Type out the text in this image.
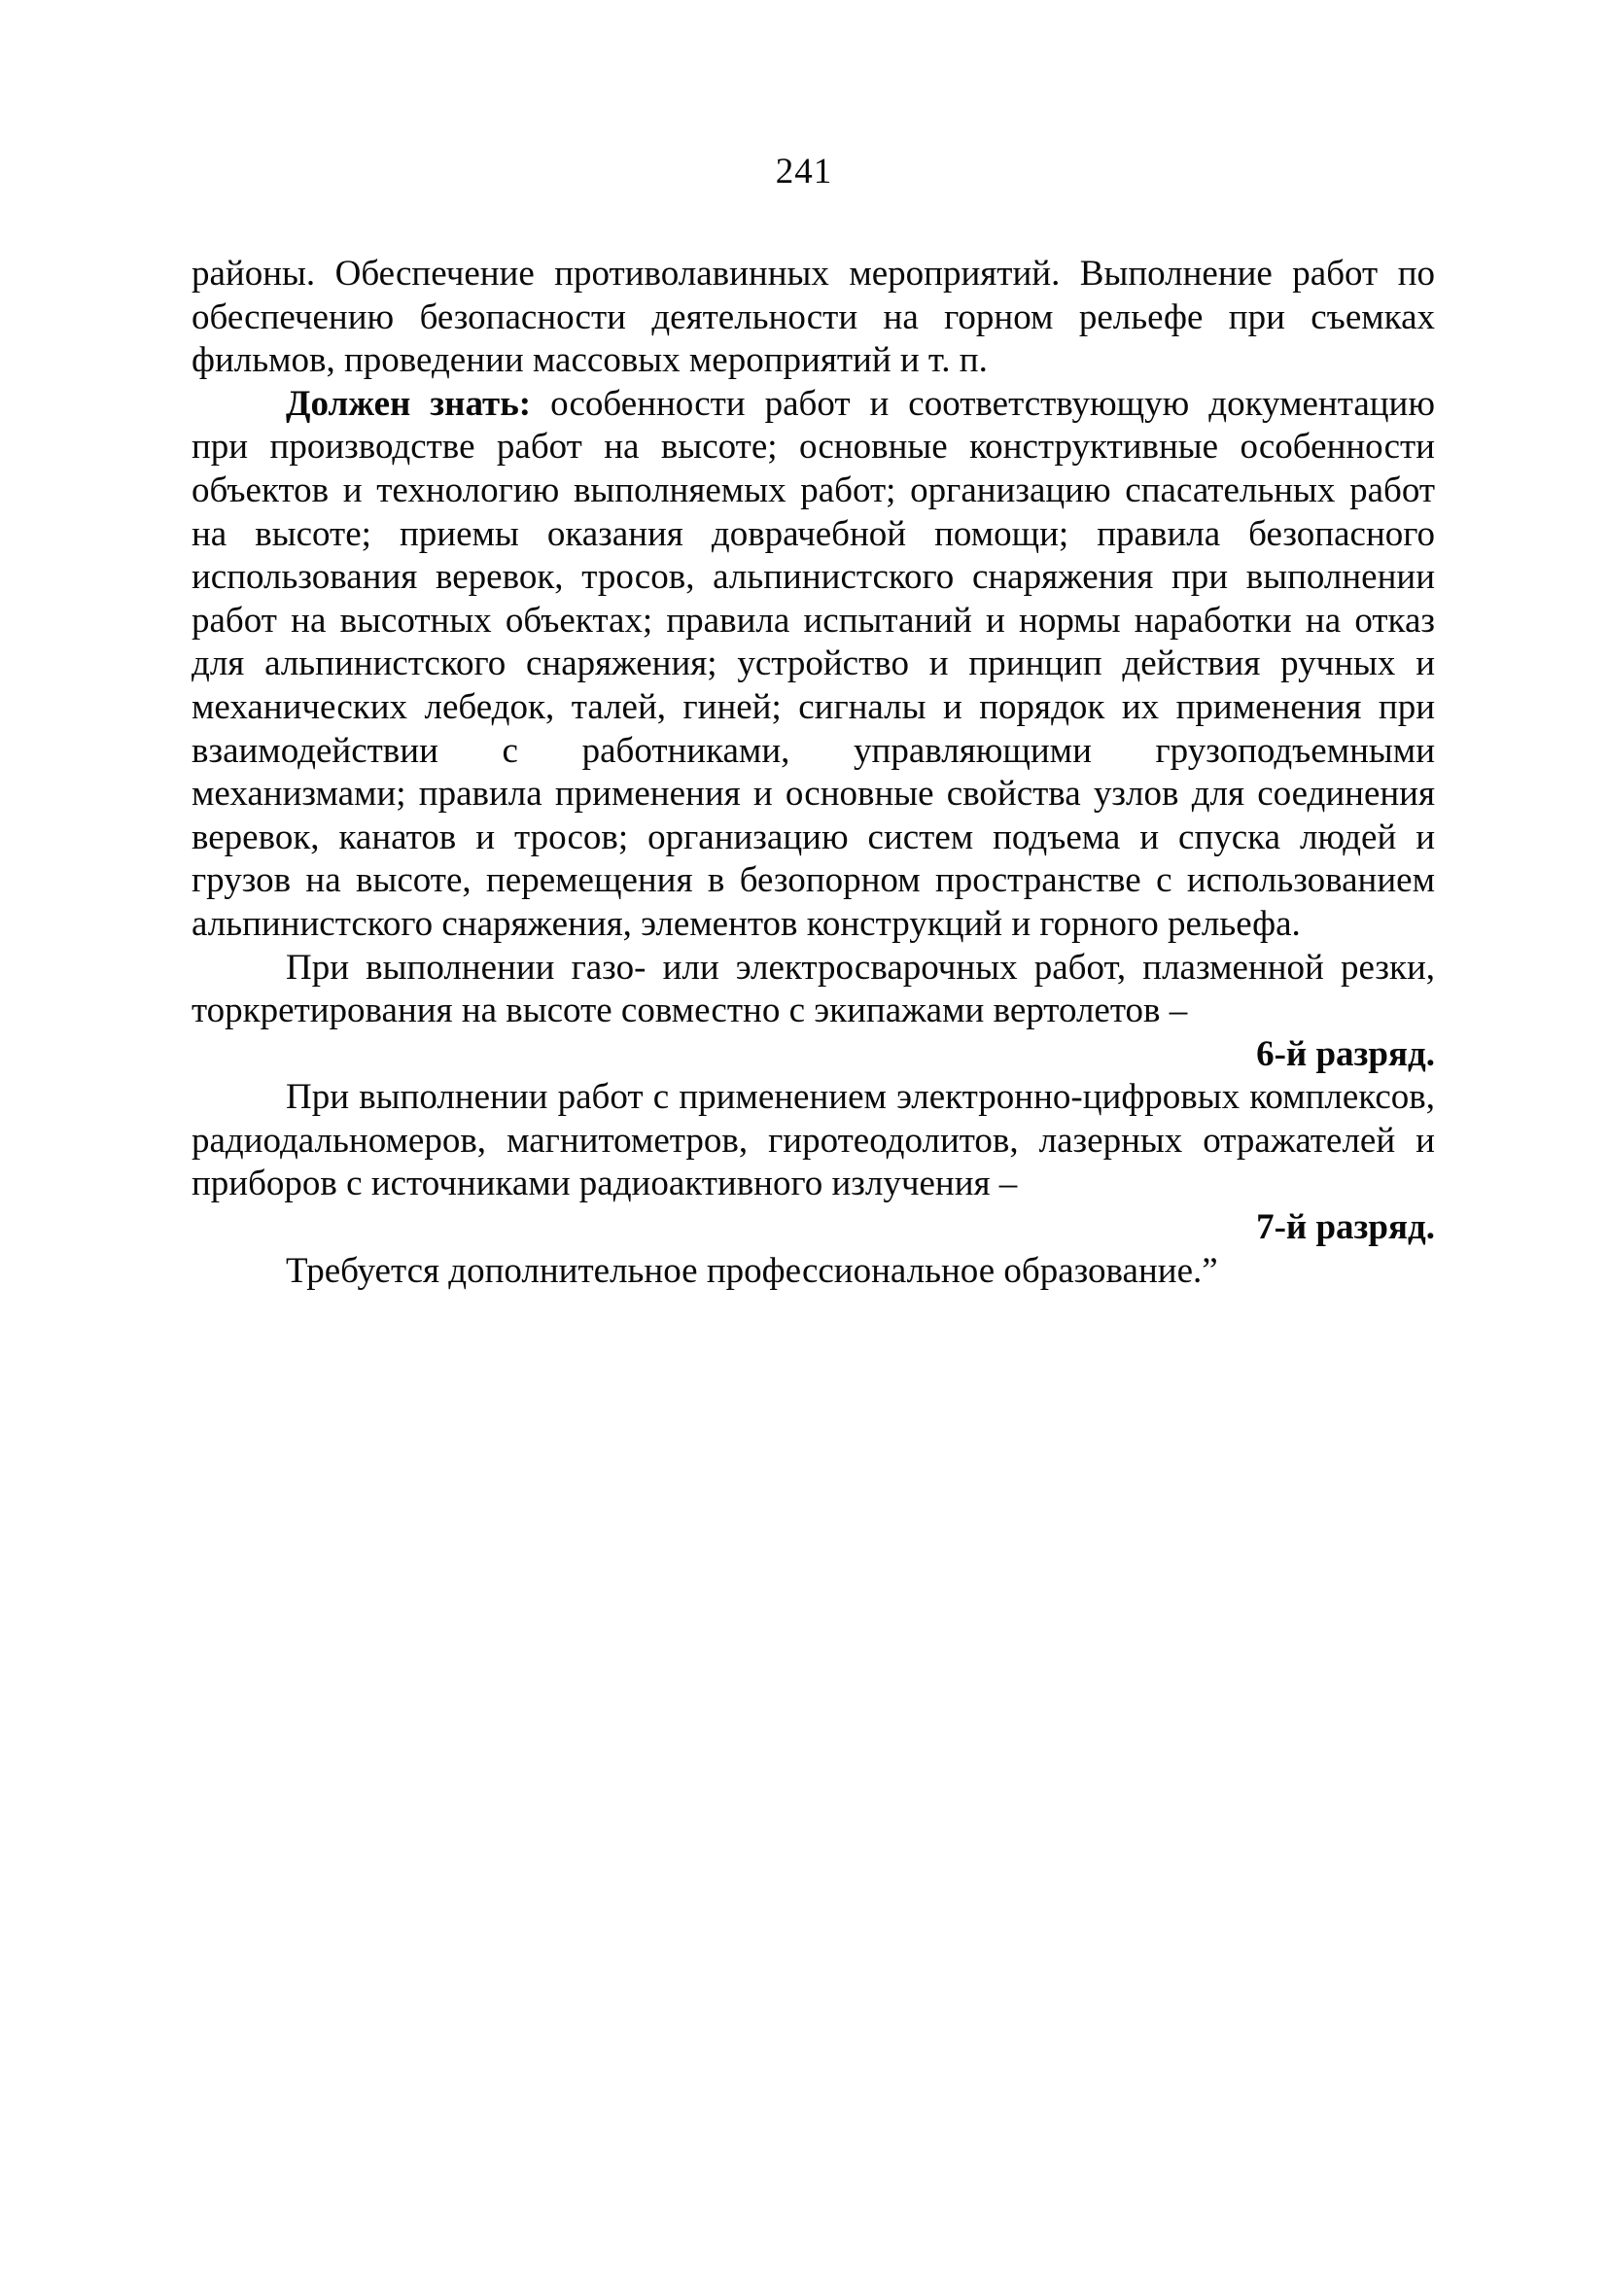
241

районы. Обеспечение противолавинных мероприятий. Выполнение работ по обеспечению безопасности деятельности на горном рельефе при съемках фильмов, проведении массовых мероприятий и т. п.

Должен знать: особенности работ и соответствующую документацию при производстве работ на высоте; основные конструктивные особенности объектов и технологию выполняемых работ; организацию спасательных работ на высоте; приемы оказания доврачебной помощи; правила безопасного использования веревок, тросов, альпинистского снаряжения при выполнении работ на высотных объектах; правила испытаний и нормы наработки на отказ для альпинистского снаряжения; устройство и принцип действия ручных и механических лебедок, талей, гиней; сигналы и порядок их применения при взаимодействии с работниками, управляющими грузоподъемными механизмами; правила применения и основные свойства узлов для соединения веревок, канатов и тросов; организацию систем подъема и спуска людей и грузов на высоте, перемещения в безопорном пространстве с использованием альпинистского снаряжения, элементов конструкций и горного рельефа.

При выполнении газо- или электросварочных работ, плазменной резки, торкретирования на высоте совместно с экипажами вертолетов –

6-й разряд.

При выполнении работ с применением электронно-цифровых комплексов, радиодальномеров, магнитометров, гиротеодолитов, лазерных отражателей и приборов с источниками радиоактивного излучения –

7-й разряд.

Требуется дополнительное профессиональное образование.”
